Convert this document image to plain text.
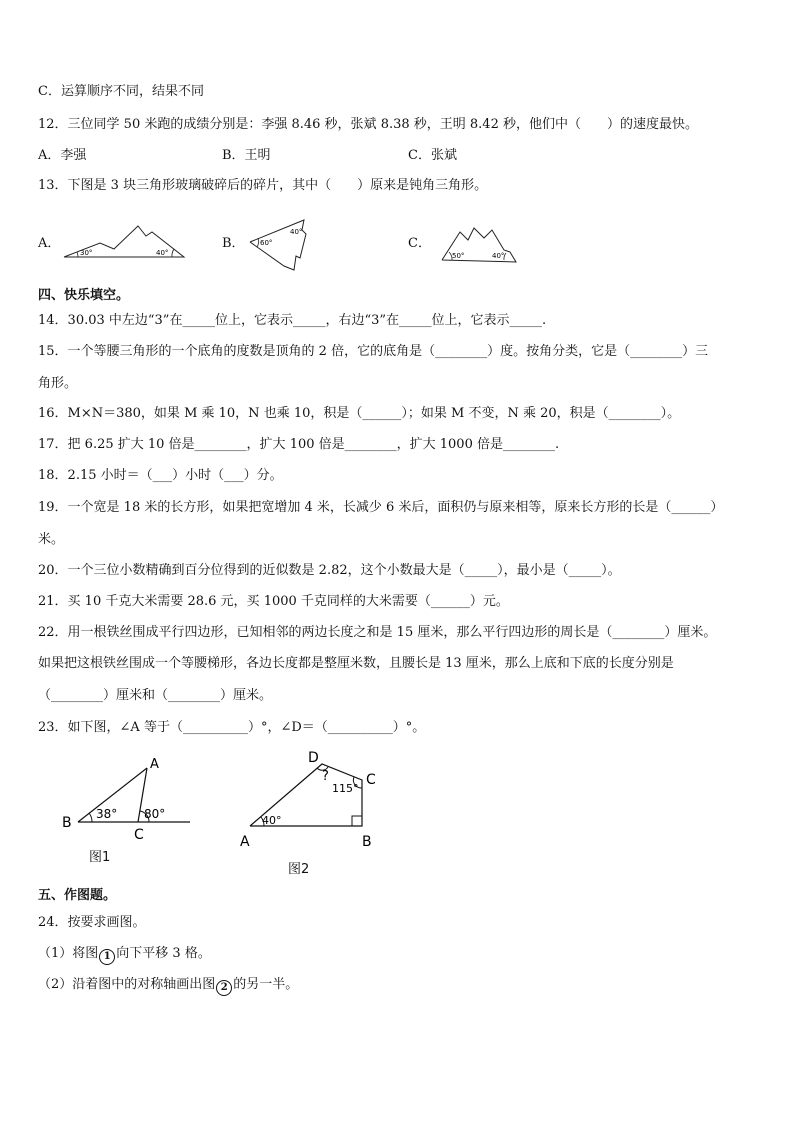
C．运算顺序不同，结果不同
12．三位同学 50 米跑的成绩分别是：李强 8.46 秒，张斌 8.38 秒，王明 8.42 秒，他们中（　　）的速度最快。
A．李强	B．王明	C．张斌
13．下图是 3 块三角形玻璃破碎后的碎片，其中（　　）原来是钝角三角形。
A．	B．	C．
30°	40°
60°
40°
50°	40°
四、快乐填空。
14．30.03 中左边“3”在_____位上，它表示_____，右边“3”在_____位上，它表示_____.
15．一个等腰三角形的一个底角的度数是顶角的 2 倍，它的底角是（________）度。按角分类，它是（________）三
角形。
16．M×N＝380，如果 M 乘 10，N 也乘 10，积是（______）；如果 M 不变，N 乘 20，积是（________）。
17．把 6.25 扩大 10 倍是________，扩大 100 倍是________，扩大 1000 倍是________.
18．2.15 小时＝（___）小时（___）分。
19．一个宽是 18 米的长方形，如果把宽增加 4 米，长减少 6 米后，面积仍与原来相等，原来长方形的长是（______）
米。
20．一个三位小数精确到百分位得到的近似数是 2.82，这个小数最大是（_____），最小是（_____）。
21．买 10 千克大米需要 28.6 元，买 1000 千克同样的大米需要（______）元。
22．用一根铁丝围成平行四边形，已知相邻的两边长度之和是 15 厘米，那么平行四边形的周长是（________）厘米。
如果把这根铁丝围成一个等腰梯形，各边长度都是整厘米数，且腰长是 13 厘米，那么上底和下底的长度分别是
（________）厘米和（________）厘米。
23．如下图，∠A 等于（__________）°，∠D＝（__________）°。
A
B
C
38° 80°
图1
D
C
A	B
?
115°
40°
图2
五、作图题。
24．按要求画图。
（1）将图 1 向下平移 3 格。
（2）沿着图中的对称轴画出图 2 的另一半。
